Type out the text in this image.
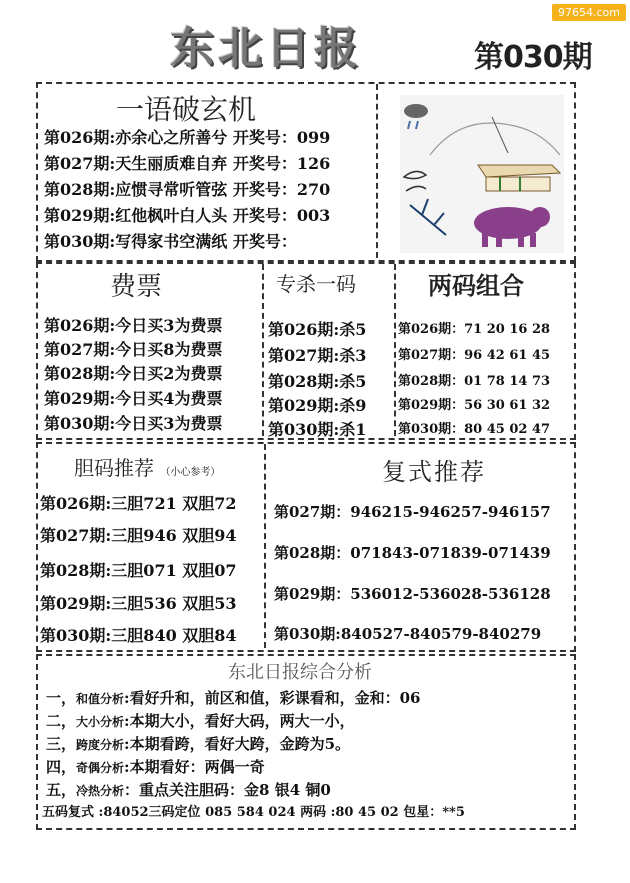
97654.com
东北日报	第030期
一语破玄机
第026期:亦余心之所善兮 开奖号：099
第027期:天生丽质难自弃 开奖号：126
第028期:应惯寻常听管弦 开奖号：270
第029期:红他枫叶白人头 开奖号：003
第030期:写得家书空满纸 开奖号：
费票
第026期:今日买3为费票
第027期:今日买8为费票
第028期:今日买2为费票
第029期:今日买4为费票
第030期:今日买3为费票
专杀一码
第026期:杀5
第027期:杀3
第028期:杀5
第029期:杀9
第030期:杀1
两码组合
第026期：71 20 16 28
第027期：96 42 61 45
第028期：01 78 14 73
第029期：56 30 61 32
第030期：80 45 02 47
胆码推荐 （小心参考）
第026期:三胆721 双胆72
第027期:三胆946 双胆94
第028期:三胆071 双胆07
第029期:三胆536 双胆53
第030期:三胆840 双胆84
复式推荐
第027期：946215-946257-946157
第028期：071843-071839-071439
第029期：536012-536028-536128
第030期:840527-840579-840279
东北日报综合分析
一，和值分析:看好升和，前区和值，彩课看和，金和：06
二，大小分析:本期大小，看好大码，两大一小，
三，跨度分析:本期看跨，看好大跨，金跨为5。
四，奇偶分析:本期看好：两偶一奇
五，冷热分析：重点关注胆码：金8 银4 铜0
五码复式 :84052三码定位 085 584 024 两码 :80 45 02 包星：**5
